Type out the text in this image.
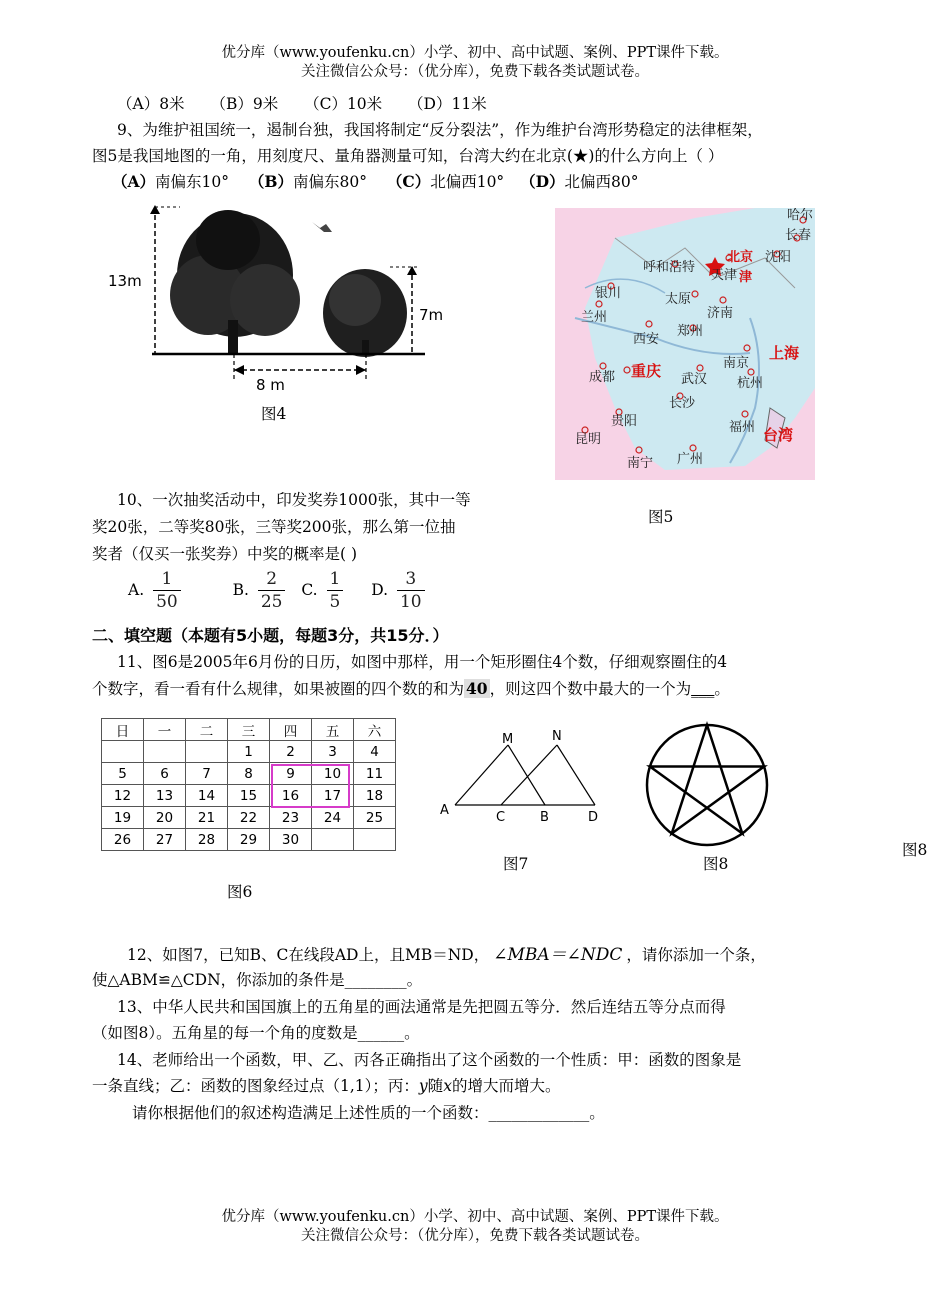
优分库（www.youfenku.cn）小学、初中、高中试题、案例、PPT课件下载。
关注微信公众号：（优分库），免费下载各类试题试卷。
（A）8米 （B）9米 （C）10米 （D）11米
9、为维护祖国统一，遏制台独，我国将制定“反分裂法”，作为维护台湾形势稳定的法律框架，
图5是我国地图的一角，用刻度尺、量角器测量可知，台湾大约在北京(★)的什么方向上（ ）
（A）南偏东10° （B）南偏东80° （C）北偏西10° （D）北偏西80°
13m
7m
8 m
图4
哈尔
长春
沈阳
北京
天津 津
呼和浩特
银川	太原
兰州	济南
西安
郑州
南京
上海
成都 重庆 武汉 杭州
长沙
贵阳	福州 台湾
昆明
南宁 广州
图5
10、一次抽奖活动中，印发奖券1000张，其中一等
奖20张，二等奖80张，三等奖200张，那么第一位抽
奖者（仅买一张奖券）中奖的概率是( )
A. $\frac{1}{50}$	B. $\frac{2}{25} C$. $\frac{1}{5} D$. $\frac{3}{10}$
二、填空题（本题有5小题，每题3分，共15分．）
11、图6是2005年6月份的日历，如图中那样，用一个矩形圈住4个数，仔细观察圈住的4
个数字，看一看有什么规律，如果被圈的四个数的和为 40 ，则这四个数中最大的一个为___。
日	一	二	三	四	五	六
			1	2	3	4
5	6	7	8	9	10	11
12	13	14	15	16	17	18
19	20	21	22	23	24	25
26	27	28	29	30		
图6
M	N
A	C	B	D
图7	图8
图8
12、如图7，已知B、C在线段AD上，且MB＝ND， ∠MBA＝∠NDC ，请你添加一个条，
使△ABM≌△CDN，你添加的条件是________。
13、中华人民共和国国旗上的五角星的画法通常是先把圆五等分．然后连结五等分点而得
（如图8）。五角星的每一个角的度数是______。
14、老师给出一个函数，甲、乙、丙各正确指出了这个函数的一个性质：甲：函数的图象是
一条直线；乙：函数的图象经过点（1,1）；丙：y随x的增大而增大。
请你根据他们的叙述构造满足上述性质的一个函数：_____________。
优分库（www.youfenku.cn）小学、初中、高中试题、案例、PPT课件下载。
关注微信公众号：（优分库），免费下载各类试题试卷。
